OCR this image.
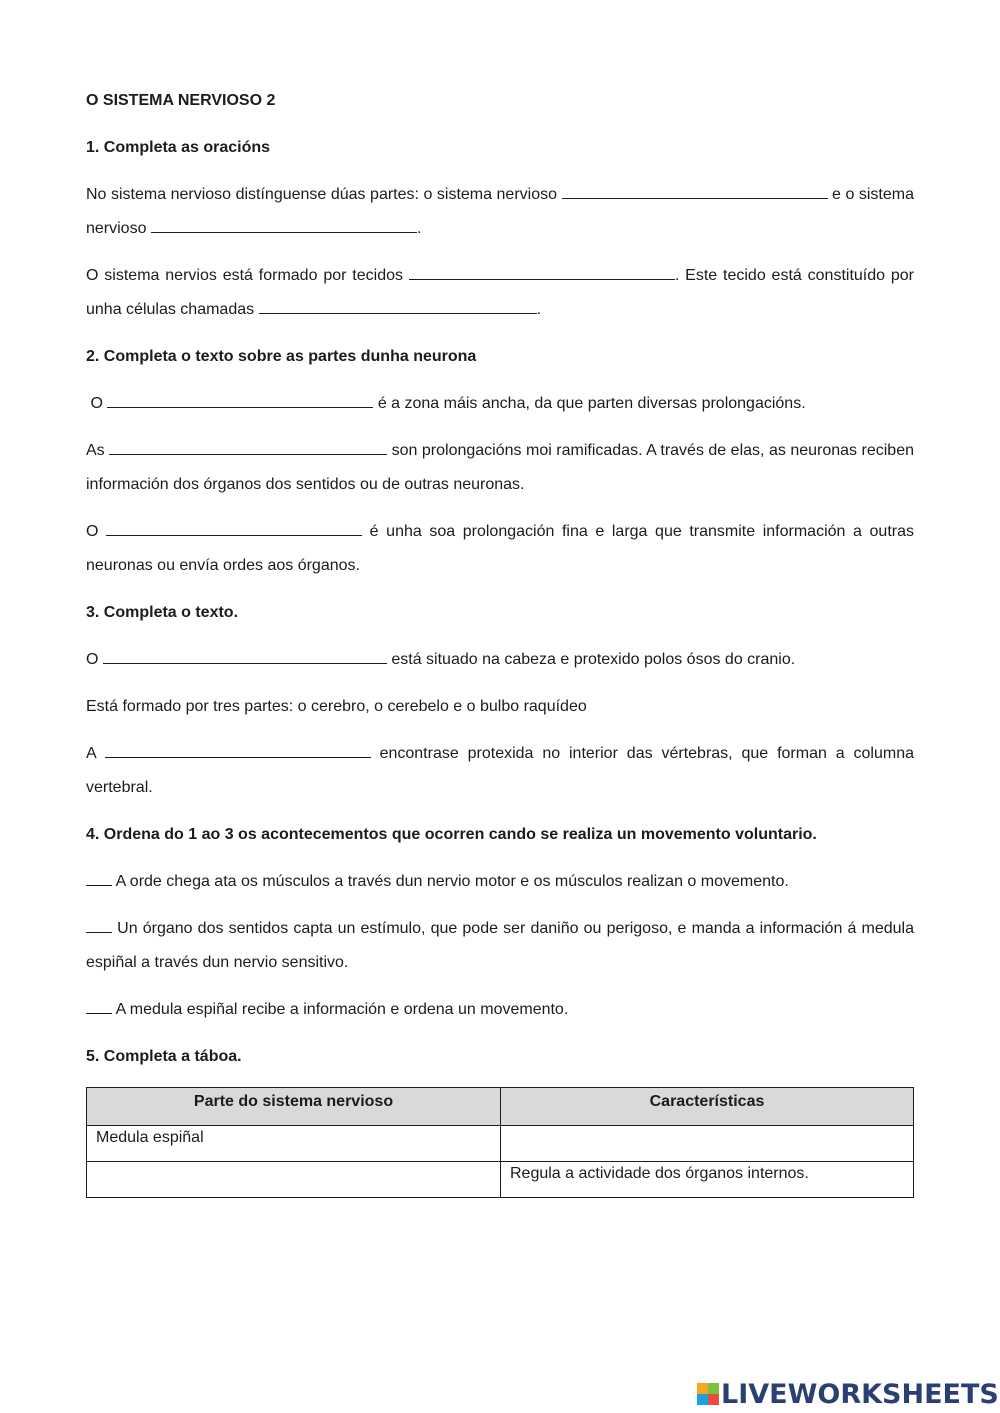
O SISTEMA NERVIOSO 2
1. Completa as oracións
No sistema nervioso distínguense dúas partes: o sistema nervioso	e o sistema nervioso	.
O sistema nervios está formado por tecidos	. Este tecido está constituído por unha células chamadas	.
2. Completa o texto sobre as partes dunha neurona
O	é a zona máis ancha, da que parten diversas prolongacións.
As	son prolongacións moi ramificadas. A través de elas, as neuronas reciben información dos órganos dos sentidos ou de outras neuronas.
O	é unha soa prolongación fina e larga que transmite información a outras neuronas ou envía ordes aos órganos.
3. Completa o texto.
O	está situado na cabeza e protexido polos ósos do cranio.
Está formado por tres partes: o cerebro, o cerebelo e o bulbo raquídeo
A	encontrase protexida no interior das vértebras, que forman a columna vertebral.
4. Ordena do 1 ao 3 os acontecementos que ocorren cando se realiza un movemento voluntario.
A orde chega ata os músculos a través dun nervio motor e os músculos realizan o movemento.
Un órgano dos sentidos capta un estímulo, que pode ser daniño ou perigoso, e manda a información á medula espiñal a través dun nervio sensitivo.
A medula espiñal recibe a información e ordena un movemento.
5. Completa a táboa.
Parte do sistema nervioso	Características
Medula espiñal	
	Regula a actividade dos órganos internos.
LIVEWORKSHEETS
